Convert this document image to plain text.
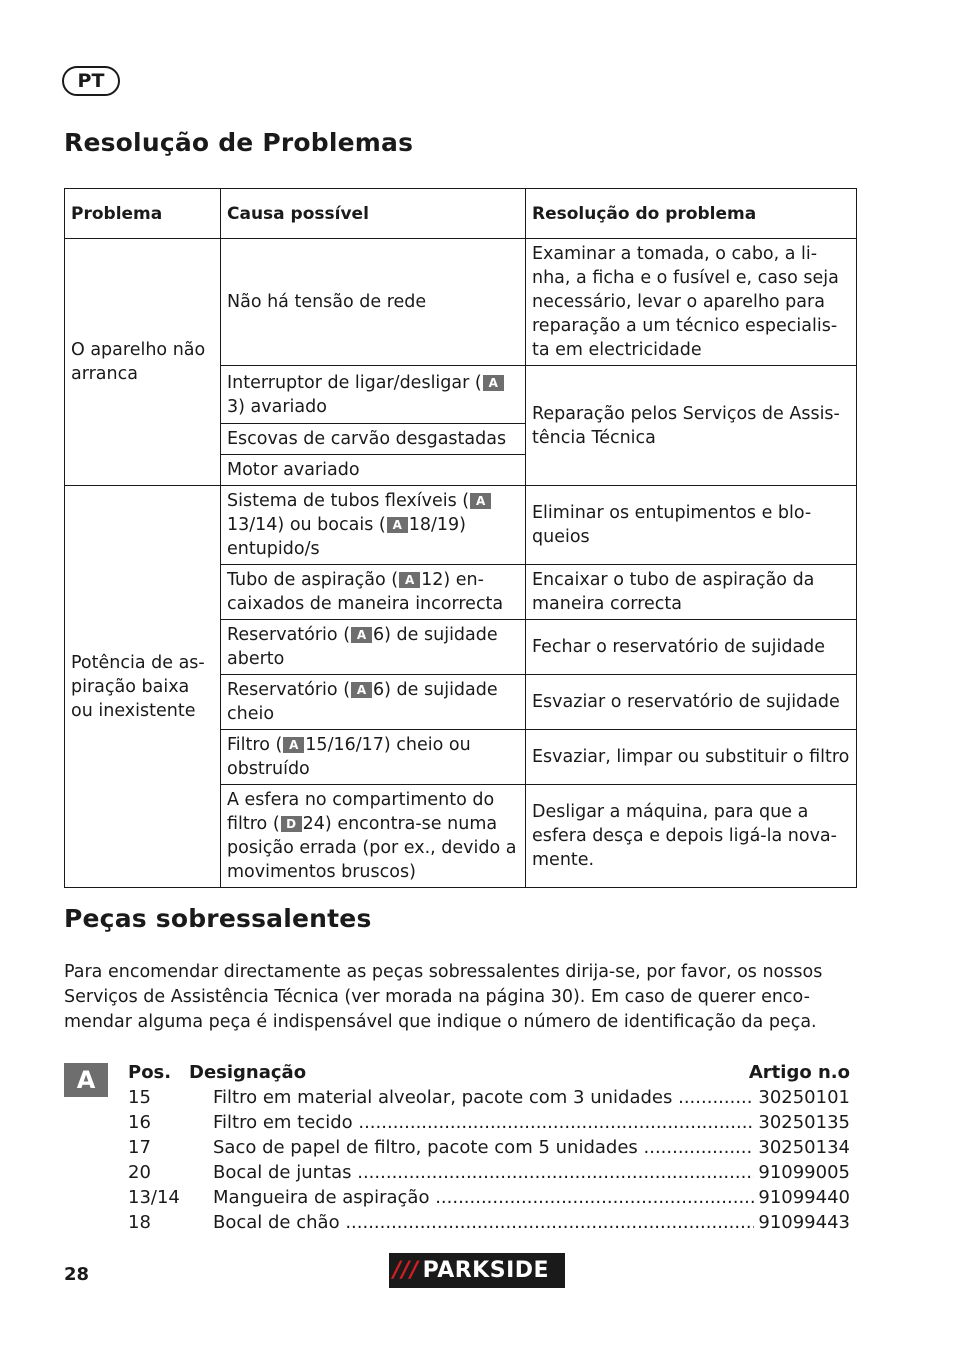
PT
Resolução de Problemas
Problema	Causa possível	Resolução do problema
O aparelho não arranca	Não há tensão de rede	Examinar a tomada, o cabo, a li-nha, a ficha e o fusível e, caso seja necessário, levar o aparelho para reparação a um técnico especialis-ta em electricidade
	Interruptor de ligar/desligar ( A3) avariado	Reparação pelos Serviços de Assis-tência Técnica
	Escovas de carvão desgastadas	
	Motor avariado	
Potência de as-piração baixa ou inexistente	Sistema de tubos flexíveis ( A13/14) ou bocais ( A 18/19) entupido/s	Eliminar os entupimentos e blo-queios
	Tubo de aspiração ( A 12) en-caixados de maneira incorrecta	Encaixar o tubo de aspiração da maneira correcta
	Reservatório ( A 6) de sujidade aberto	Fechar o reservatório de sujidade
	Reservatório ( A 6) de sujidade cheio	Esvaziar o reservatório de sujidade
	Filtro ( A 15/16/17) cheio ou obstruído	Esvaziar, limpar ou substituir o filtro
	A esfera no compartimento do filtro ( D 24) encontra-se numa posição errada (por ex., devido a movimentos bruscos)	Desligar a máquina, para que a esfera desça e depois ligá-la nova-mente.
Peças sobressalentes

Para encomendar directamente as peças sobressalentes dirija-se, por favor, os nossos Serviços de Assistência Técnica (ver morada na página 30). Em caso de querer enco-mendar alguma peça é indispensável que indique o número de identificação da peça.

A	Pos. Designação	Artigo n.o
15	Filtro em material alveolar, pacote com 3 unidades .....	30250101
16	Filtro em tecido .....	30250135
17	Saco de papel de filtro, pacote com 5 unidades .....	30250134
20	Bocal de juntas .....	91099005
13/14	Mangueira de aspiração .....	91099440
18	Bocal de chão .....	91099443
28	/// PARKSIDE
